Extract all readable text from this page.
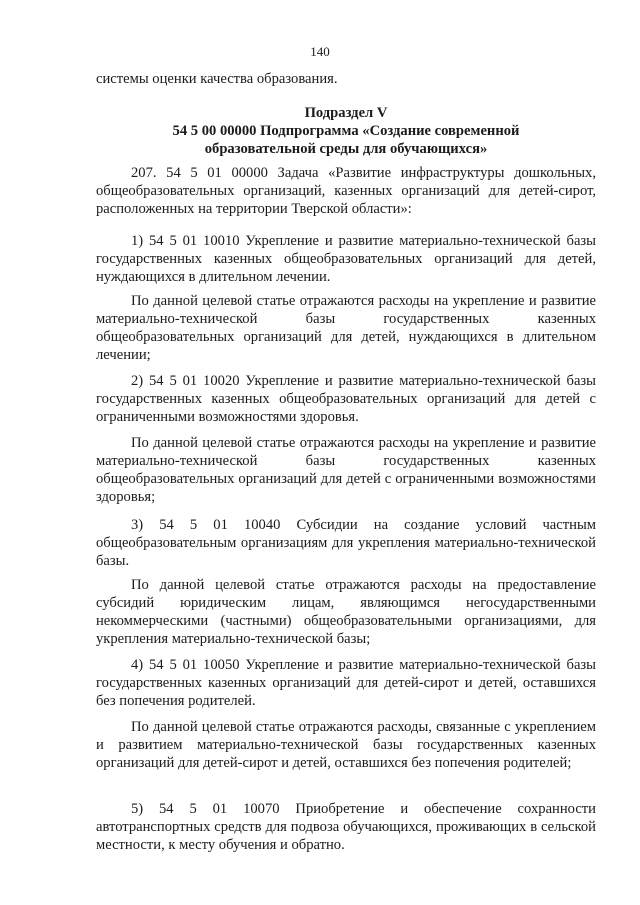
140

системы оценки качества образования.

Подраздел V

54 5 00 00000 Подпрограмма «Создание современной

образовательной среды для обучающихся»

207. 54 5 01 00000 Задача «Развитие инфраструктуры дошкольных, общеобразовательных организаций, казенных организаций для детей-сирот, расположенных на территории Тверской области»:

1) 54 5 01 10010 Укрепление и развитие материально-технической базы государственных казенных общеобразовательных организаций для детей, нуждающихся в длительном лечении.

По данной целевой статье отражаются расходы на укрепление и развитие материально-технической базы государственных казенных общеобразовательных организаций для детей, нуждающихся в длительном лечении;

2) 54 5 01 10020 Укрепление и развитие материально-технической базы государственных казенных общеобразовательных организаций для детей с ограниченными возможностями здоровья.

По данной целевой статье отражаются расходы на укрепление и развитие материально-технической базы государственных казенных общеобразовательных организаций для детей с ограниченными возможностями здоровья;

3) 54 5 01 10040 Субсидии на создание условий частным общеобразовательным организациям для укрепления материально-технической базы.

По данной целевой статье отражаются расходы на предоставление субсидий юридическим лицам, являющимся негосударственными некоммерческими (частными) общеобразовательными организациями, для укрепления материально-технической базы;

4) 54 5 01 10050 Укрепление и развитие материально-технической базы государственных казенных организаций для детей-сирот и детей, оставшихся без попечения родителей.

По данной целевой статье отражаются расходы, связанные с укреплением и развитием материально-технической базы государственных казенных организаций для детей-сирот и детей, оставшихся без попечения родителей;

5) 54 5 01 10070 Приобретение и обеспечение сохранности автотранспортных средств для подвоза обучающихся, проживающих в сельской местности, к месту обучения и обратно.
